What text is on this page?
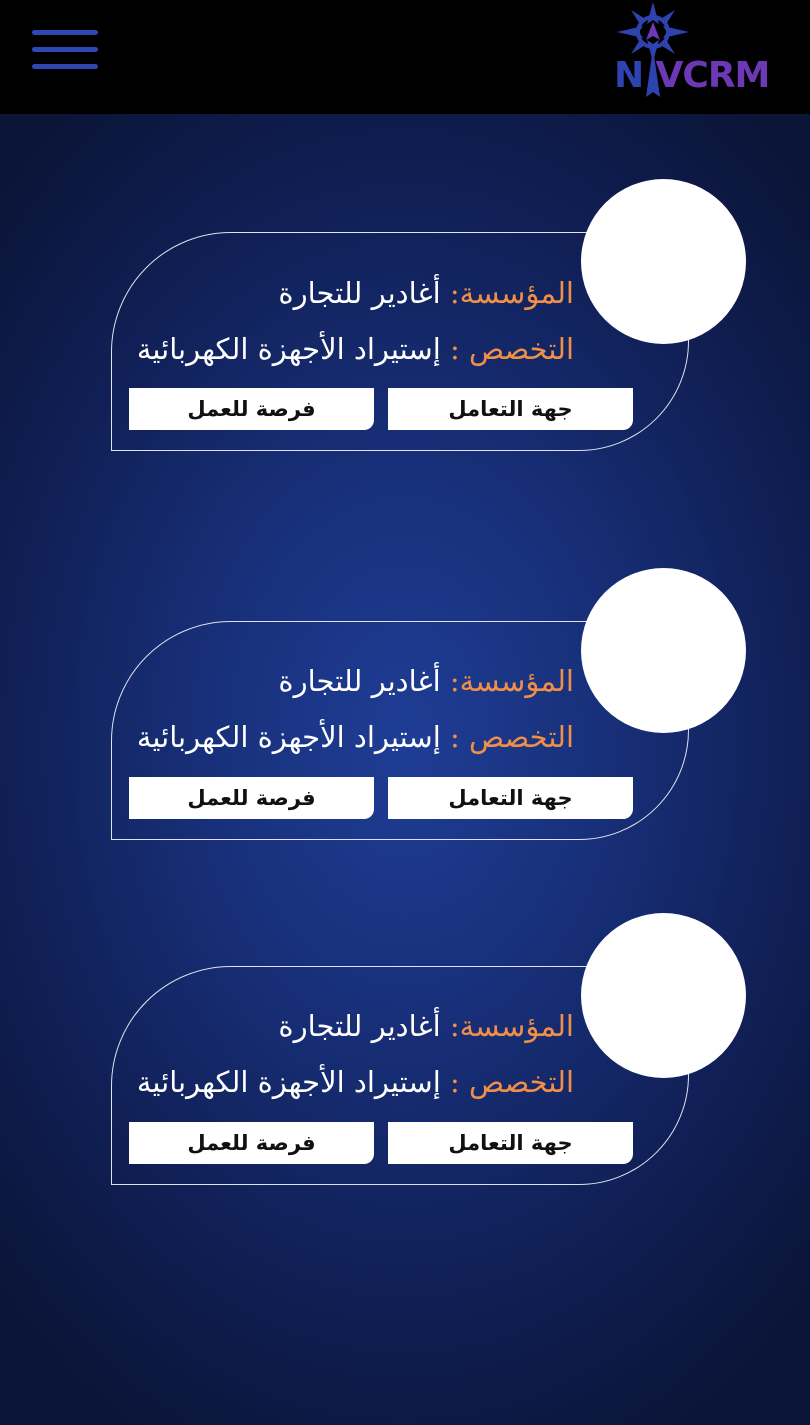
N VCRM
المؤسسة: أغادير للتجارة
التخصص : إستيراد الأجهزة الكهربائية
جهة التعامل
فرصة للعمل
المؤسسة: أغادير للتجارة
التخصص : إستيراد الأجهزة الكهربائية
جهة التعامل
فرصة للعمل
المؤسسة: أغادير للتجارة
التخصص : إستيراد الأجهزة الكهربائية
جهة التعامل
فرصة للعمل
